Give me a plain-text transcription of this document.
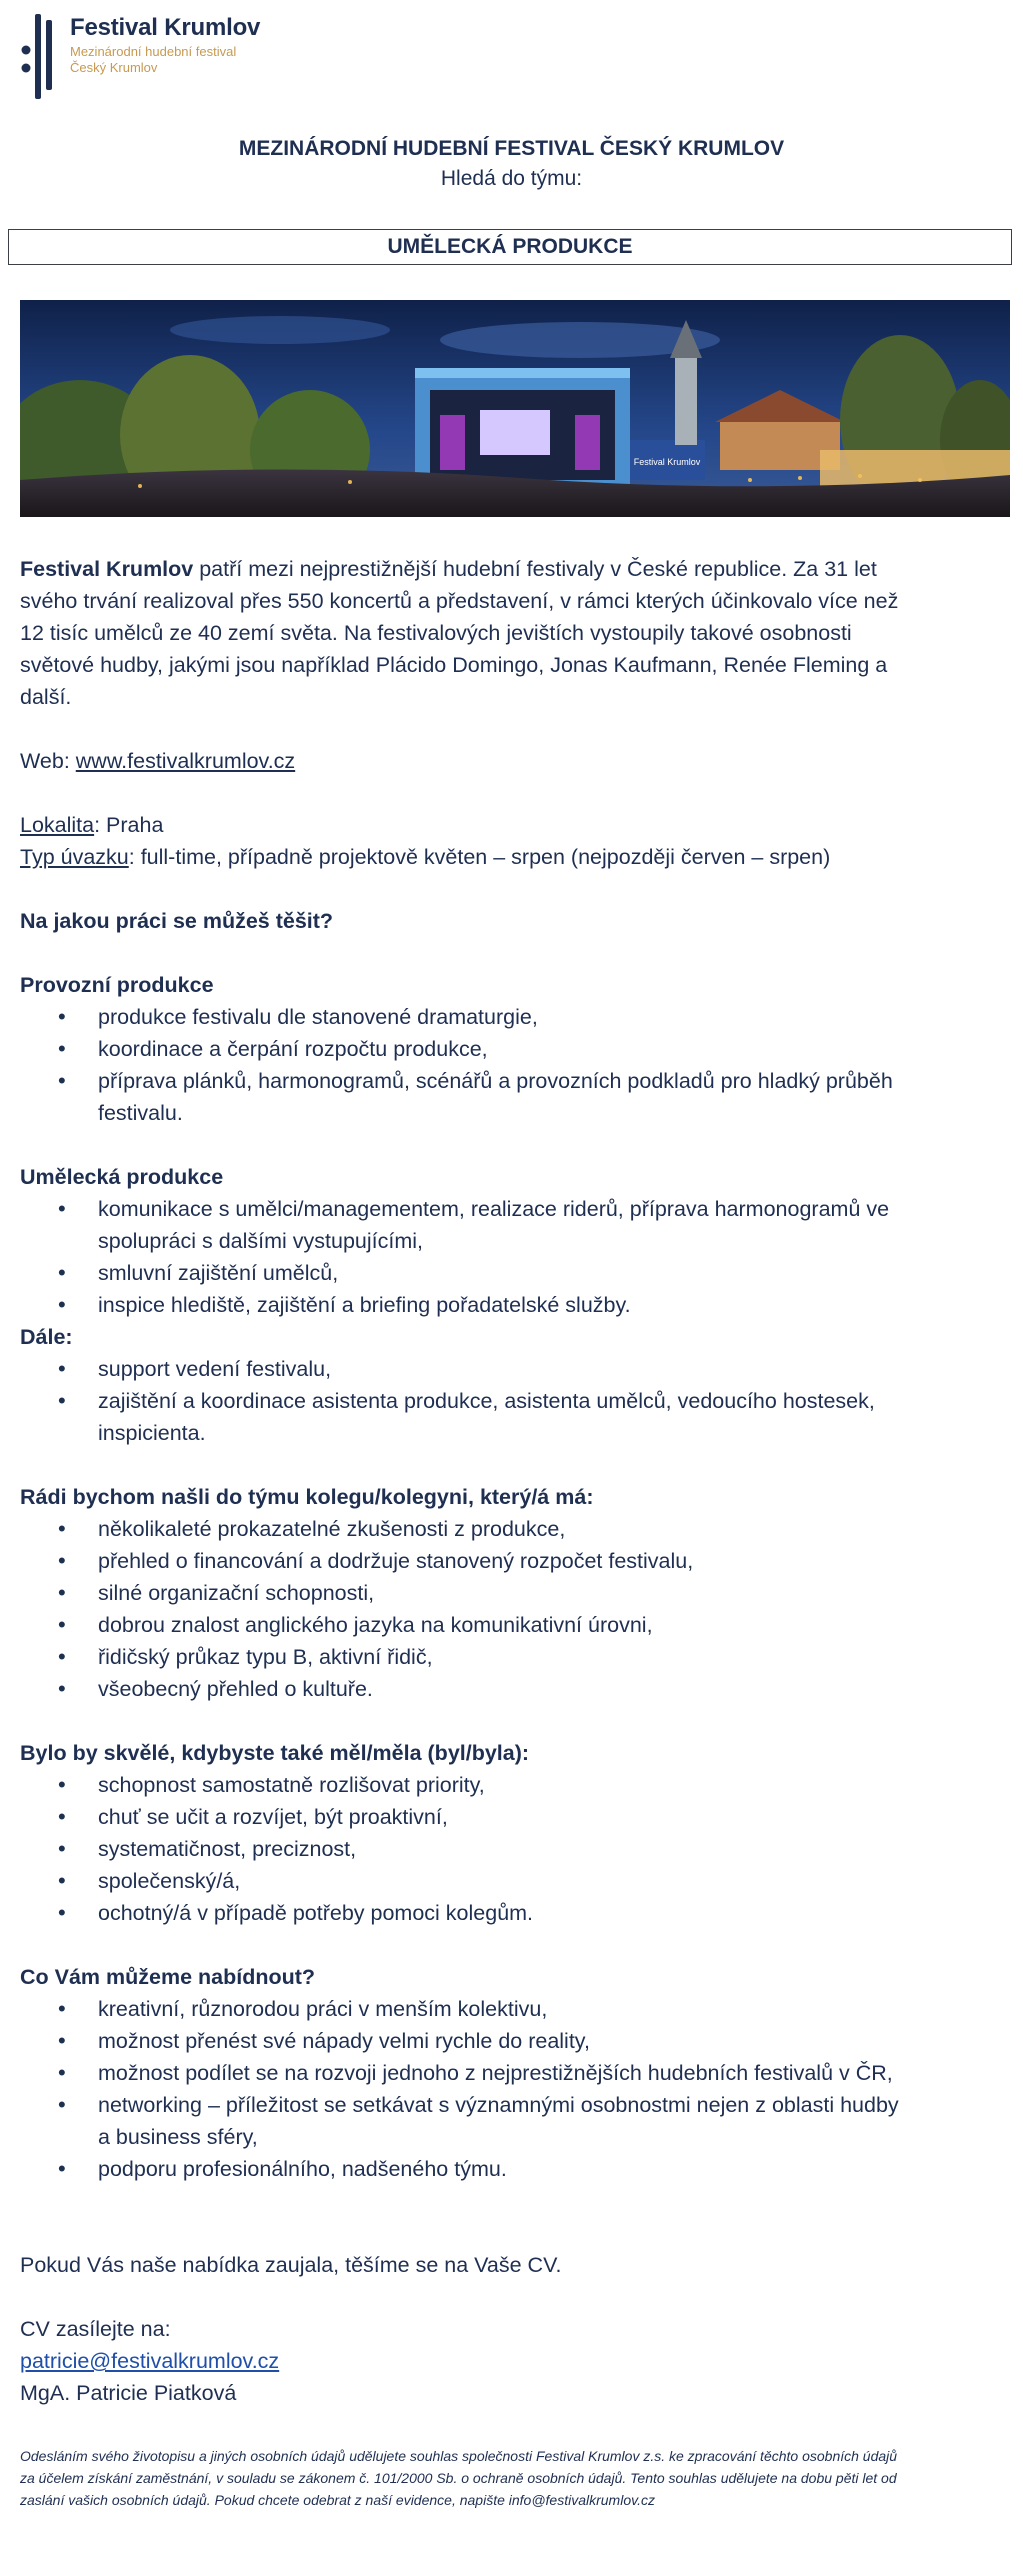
Festival Krumlov
Mezinárodní hudební festival
Český Krumlov
MEZINÁRODNÍ HUDEBNÍ FESTIVAL ČESKÝ KRUMLOV
Hledá do týmu:
UMĚLECKÁ PRODUKCE
Festival Krumlov

Festival Krumlov patří mezi nejprestižnější hudební festivaly v České republice. Za 31 let
svého trvání realizoval přes 550 koncertů a představení, v rámci kterých účinkovalo více než
12 tisíc umělců ze 40 zemí světa. Na festivalových jevištích vystoupily takové osobnosti
světové hudby, jakými jsou například Plácido Domingo, Jonas Kaufmann, Renée Fleming a
další.

Web: www.festivalkrumlov.cz

Lokalita: Praha

Typ úvazku: full-time, případně projektově květen – srpen (nejpozději červen – srpen)

Na jakou práci se můžeš těšit?

Provozní produkce

• produkce festivalu dle stanovené dramaturgie,
• koordinace a čerpání rozpočtu produkce,
• příprava plánků, harmonogramů, scénářů a provozních podkladů pro hladký průběh

festivalu.

Umělecká produkce

• komunikace s umělci/managementem, realizace riderů, příprava harmonogramů ve

spolupráci s dalšími vystupujícími,

• smluvní zajištění umělců,
• inspice hlediště, zajištění a briefing pořadatelské služby.

Dále:

• support vedení festivalu,
• zajištění a koordinace asistenta produkce, asistenta umělců, vedoucího hostesek,

inspicienta.

Rádi bychom našli do týmu kolegu/kolegyni, který/á má:

• několikaleté prokazatelné zkušenosti z produkce,
• přehled o financování a dodržuje stanovený rozpočet festivalu,
• silné organizační schopnosti,
• dobrou znalost anglického jazyka na komunikativní úrovni,
• řidičský průkaz typu B, aktivní řidič,
• všeobecný přehled o kultuře.

Bylo by skvělé, kdybyste také měl/měla (byl/byla):

• schopnost samostatně rozlišovat priority,
• chuť se učit a rozvíjet, být proaktivní,
• systematičnost, preciznost,
• společenský/á,
• ochotný/á v případě potřeby pomoci kolegům.

Co Vám můžeme nabídnout?

• kreativní, různorodou práci v menším kolektivu,
• možnost přenést své nápady velmi rychle do reality,
• možnost podílet se na rozvoji jednoho z nejprestižnějších hudebních festivalů v ČR,
• networking – příležitost se setkávat s významnými osobnostmi nejen z oblasti hudby

a business sféry,

• podporu profesionálního, nadšeného týmu.

Pokud Vás naše nabídka zaujala, těšíme se na Vaše CV.

CV zasílejte na:

patricie@festivalkrumlov.cz

MgA. Patricie Piatková

Odesláním svého životopisu a jiných osobních údajů udělujete souhlas společnosti Festival Krumlov z.s. ke zpracování těchto osobních údajů
za účelem získání zaměstnání, v souladu se zákonem č. 101/2000 Sb. o ochraně osobních údajů. Tento souhlas udělujete na dobu pěti let od
zaslání vašich osobních údajů. Pokud chcete odebrat z naší evidence, napište info@festivalkrumlov.cz
